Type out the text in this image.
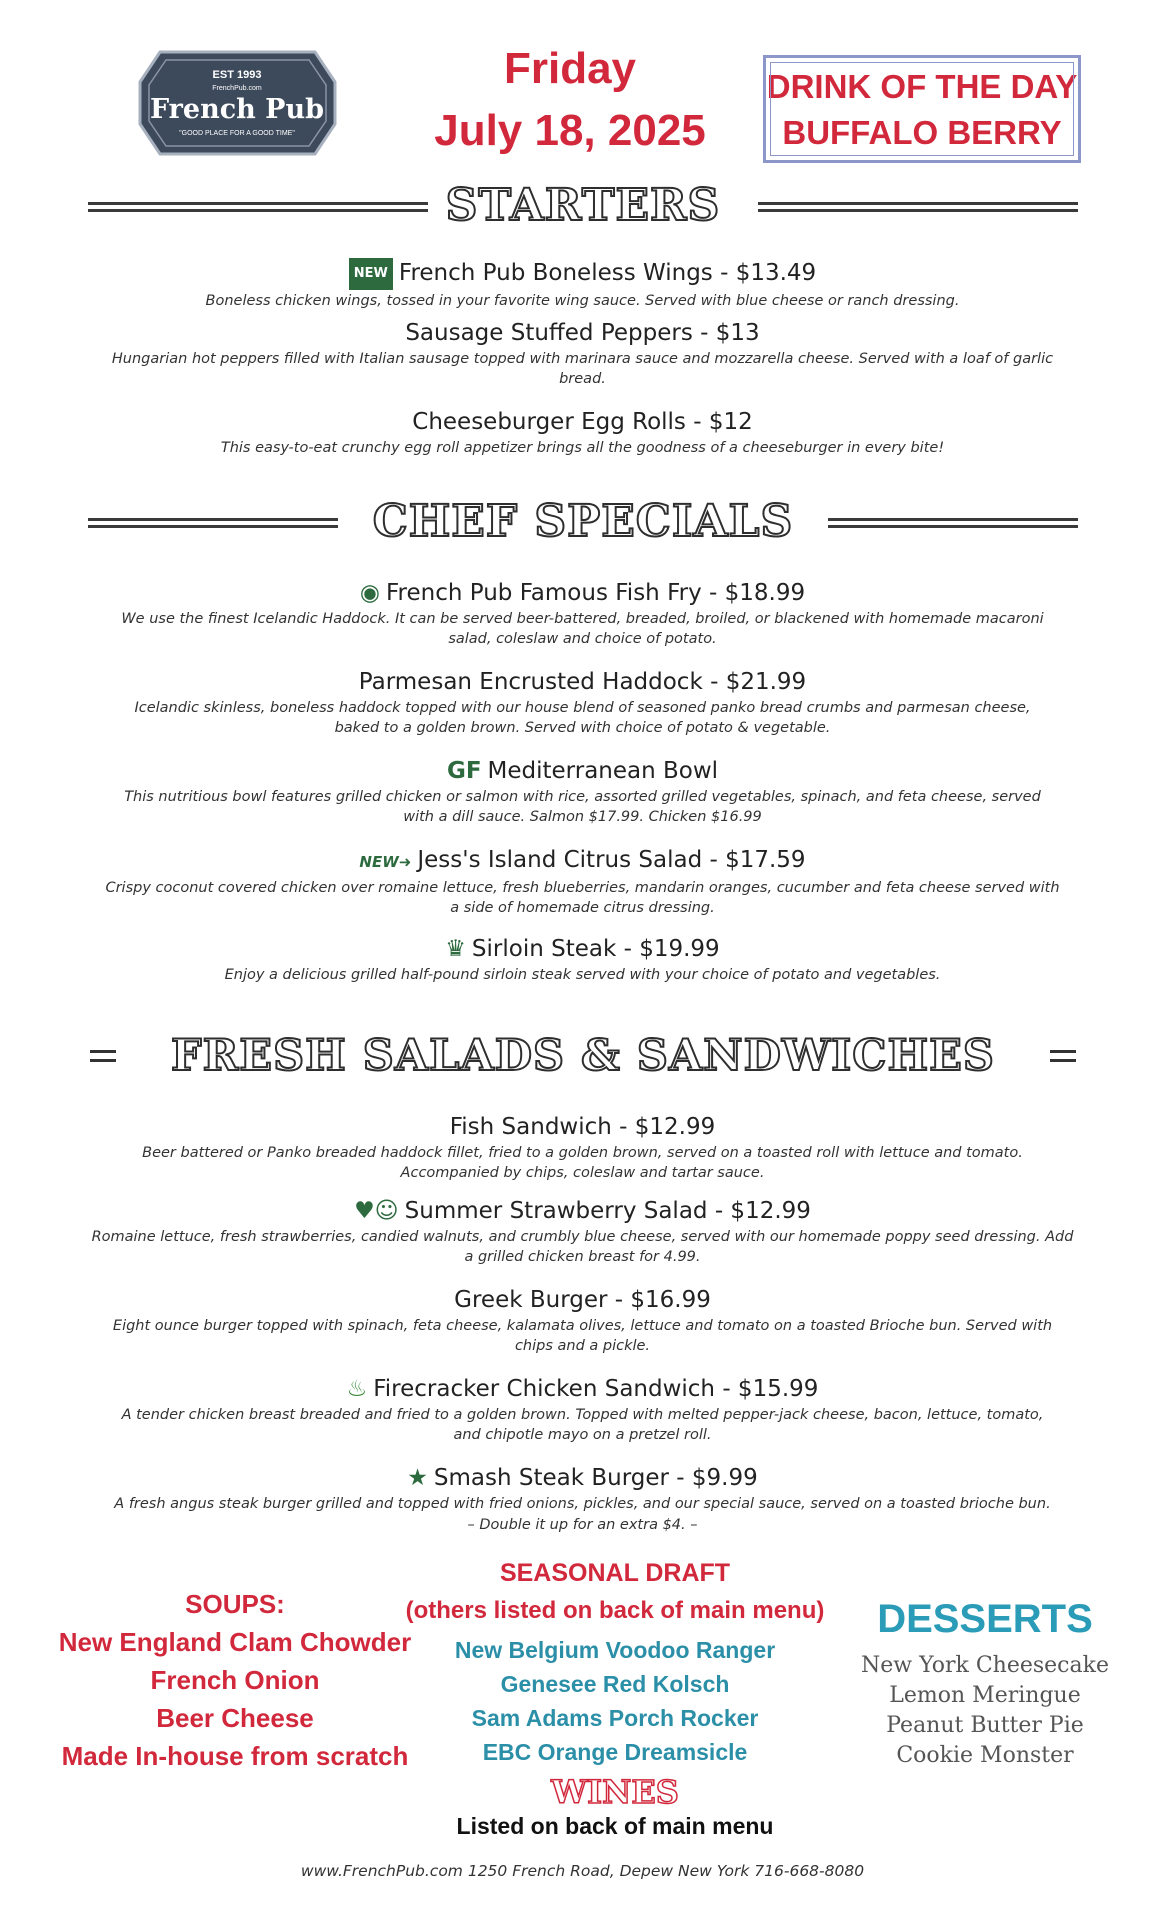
EST 1993
FrenchPub.com
French Pub
"GOOD PLACE FOR A GOOD TIME"
Friday
July 18, 2025
DRINK OF THE DAY
BUFFALO BERRY
STARTERS
NEW French Pub Boneless Wings - $13.49
Boneless chicken wings, tossed in your favorite wing sauce. Served with blue cheese or ranch dressing.
Sausage Stuffed Peppers - $13
Hungarian hot peppers filled with Italian sausage topped with marinara sauce and mozzarella cheese. Served with a loaf of garlic bread.
Cheeseburger Egg Rolls - $12
This easy-to-eat crunchy egg roll appetizer brings all the goodness of a cheeseburger in every bite!
CHEF SPECIALS
◉ French Pub Famous Fish Fry - $18.99
We use the finest Icelandic Haddock. It can be served beer-battered, breaded, broiled, or blackened with homemade macaroni salad, coleslaw and choice of potato.
Parmesan Encrusted Haddock - $21.99
Icelandic skinless, boneless haddock topped with our house blend of seasoned panko bread crumbs and parmesan cheese, baked to a golden brown. Served with choice of potato & vegetable.
GF Mediterranean Bowl
This nutritious bowl features grilled chicken or salmon with rice, assorted grilled vegetables, spinach, and feta cheese, served with a dill sauce. Salmon $17.99. Chicken $16.99
NEW➜ Jess's Island Citrus Salad - $17.59
Crispy coconut covered chicken over romaine lettuce, fresh blueberries, mandarin oranges, cucumber and feta cheese served with a side of homemade citrus dressing.
♛ Sirloin Steak - $19.99
Enjoy a delicious grilled half-pound sirloin steak served with your choice of potato and vegetables.
FRESH SALADS & SANDWICHES
Fish Sandwich - $12.99
Beer battered or Panko breaded haddock fillet, fried to a golden brown, served on a toasted roll with lettuce and tomato. Accompanied by chips, coleslaw and tartar sauce.
♥☺ Summer Strawberry Salad - $12.99
Romaine lettuce, fresh strawberries, candied walnuts, and crumbly blue cheese, served with our homemade poppy seed dressing. Add a grilled chicken breast for 4.99.
Greek Burger - $16.99
Eight ounce burger topped with spinach, feta cheese, kalamata olives, lettuce and tomato on a toasted Brioche bun. Served with chips and a pickle.
♨ Firecracker Chicken Sandwich - $15.99
A tender chicken breast breaded and fried to a golden brown. Topped with melted pepper-jack cheese, bacon, lettuce, tomato, and chipotle mayo on a pretzel roll.
★ Smash Steak Burger - $9.99
A fresh angus steak burger grilled and topped with fried onions, pickles, and our special sauce, served on a toasted brioche bun.
– Double it up for an extra $4. –
SOUPS:
New England Clam Chowder
French Onion
Beer Cheese
Made In-house from scratch
SEASONAL DRAFT
(others listed on back of main menu)
New Belgium Voodoo Ranger
Genesee Red Kolsch
Sam Adams Porch Rocker
EBC Orange Dreamsicle
WINES
Listed on back of main menu
DESSERTS
New York Cheesecake
Lemon Meringue
Peanut Butter Pie
Cookie Monster
www.FrenchPub.com 1250 French Road, Depew New York 716-668-8080
